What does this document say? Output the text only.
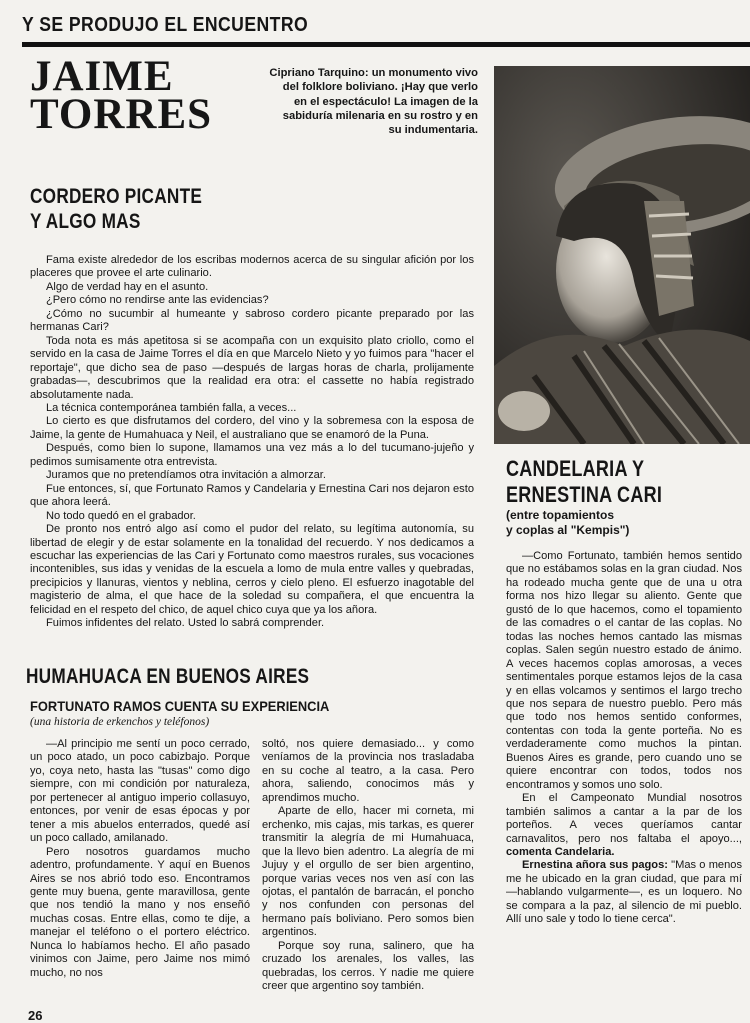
Y SE PRODUJO EL ENCUENTRO
JAIME
TORRES
Cipriano Tarquino: un monumento vivo del folklore boliviano. ¡Hay que verlo en el espectáculo! La imagen de la sabiduría milenaria en su rostro y en su indumentaria.
CORDERO PICANTE
Y ALGO MAS

Fama existe alrededor de los escribas modernos acerca de su singular afición por los placeres que provee el arte culinario.

Algo de verdad hay en el asunto.

¿Pero cómo no rendirse ante las evidencias?

¿Cómo no sucumbir al humeante y sabroso cordero picante preparado por las hermanas Cari?

Toda nota es más apetitosa si se acompaña con un exquisito plato criollo, como el servido en la casa de Jaime Torres el día en que Marcelo Nieto y yo fuimos para "hacer el reportaje", que dicho sea de paso —después de largas horas de charla, prolijamente grabadas—, descubrimos que la realidad era otra: el cassette no había registrado absolutamente nada.

La técnica contemporánea también falla, a veces...

Lo cierto es que disfrutamos del cordero, del vino y la sobremesa con la esposa de Jaime, la gente de Humahuaca y Neil, el australiano que se enamoró de la Puna.

Después, como bien lo supone, llamamos una vez más a lo del tucumano-jujeño y pedimos sumisamente otra entrevista.

Juramos que no pretendíamos otra invitación a almorzar.

Fue entonces, sí, que Fortunato Ramos y Candelaria y Ernestina Cari nos dejaron esto que ahora leerá.

No todo quedó en el grabador.

De pronto nos entró algo así como el pudor del relato, su legítima autonomía, su libertad de elegir y de estar solamente en la tonalidad del recuerdo. Y nos dedicamos a escuchar las experiencias de las Cari y Fortunato como maestros rurales, sus vocaciones incontenibles, sus idas y venidas de la escuela a lomo de mula entre valles y quebradas, precipicios y llanuras, vientos y neblina, cerros y cielo pleno. El esfuerzo inagotable del magisterio de alma, el que hace de la soledad su compañera, el que encuentra la felicidad en el respeto del chico, de aquel chico cuya que ya los añora.

Fuimos infidentes del relato. Usted lo sabrá comprender.

HUMAHUACA EN BUENOS AIRES
FORTUNATO RAMOS CUENTA SU EXPERIENCIA
(una historia de erkenchos y teléfonos)

—Al principio me sentí un poco cerrado, un poco atado, un poco cabizbajo. Porque yo, coya neto, hasta las "tusas" como digo siempre, con mi condición por naturaleza, por pertenecer al antiguo imperio collasuyo, entonces, por venir de esas épocas y por tener a mis abuelos enterrados, quedé así un poco callado, amilanado.

Pero nosotros guardamos mucho adentro, profundamente. Y aquí en Buenos Aires se nos abrió todo eso. Encontramos gente muy buena, gente maravillosa, gente que nos tendió la mano y nos enseñó muchas cosas. Entre ellas, como te dije, a manejar el teléfono o el portero eléctrico. Nunca lo habíamos hecho. El año pasado vinimos con Jaime, pero Jaime nos mimó mucho, no nos

soltó, nos quiere demasiado... y como veníamos de la provincia nos trasladaba en su coche al teatro, a la casa. Pero ahora, saliendo, conocimos más y aprendimos mucho.

Aparte de ello, hacer mi corneta, mi erchenko, mis cajas, mis tarkas, es querer transmitir la alegría de mi Humahuaca, que la llevo bien adentro. La alegría de mi Jujuy y el orgullo de ser bien argentino, porque varias veces nos ven así con las ojotas, el pantalón de barracán, el poncho y nos confunden con personas del hermano país boliviano. Pero somos bien argentinos.

Porque soy runa, salinero, que ha cruzado los arenales, los valles, las quebradas, los cerros. Y nadie me quiere creer que argentino soy también.

CANDELARIA Y
ERNESTINA CARI
(entre topamientos
y coplas al "Kempis")

—Como Fortunato, también hemos sentido que no estábamos solas en la gran ciudad. Nos ha rodeado mucha gente que de una u otra forma nos hizo llegar su aliento. Gente que gustó de lo que hacemos, como el topamiento de las comadres o el cantar de las coplas. No todas las noches hemos cantado las mismas coplas. Salen según nuestro estado de ánimo. A veces hacemos coplas amorosas, a veces sentimentales porque estamos lejos de la casa y en ellas volcamos y sentimos el largo trecho que nos separa de nuestro pueblo. Pero más que todo nos hemos sentido conformes, contentas con toda la gente porteña. No es verdaderamente como muchos la pintan. Buenos Aires es grande, pero cuando uno se quiere encontrar con todos, todos nos encontramos y somos uno solo.

En el Campeonato Mundial nosotros también salimos a cantar a la par de los porteños. A veces queríamos cantar carnavalitos, pero nos faltaba el apoyo..., comenta Candelaria.

Ernestina añora sus pagos: "Mas o menos me he ubicado en la gran ciudad, que para mí —hablando vulgarmente—, es un loquero. No se compara a la paz, al silencio de mi pueblo. Allí uno sale y todo lo tiene cerca".

26
